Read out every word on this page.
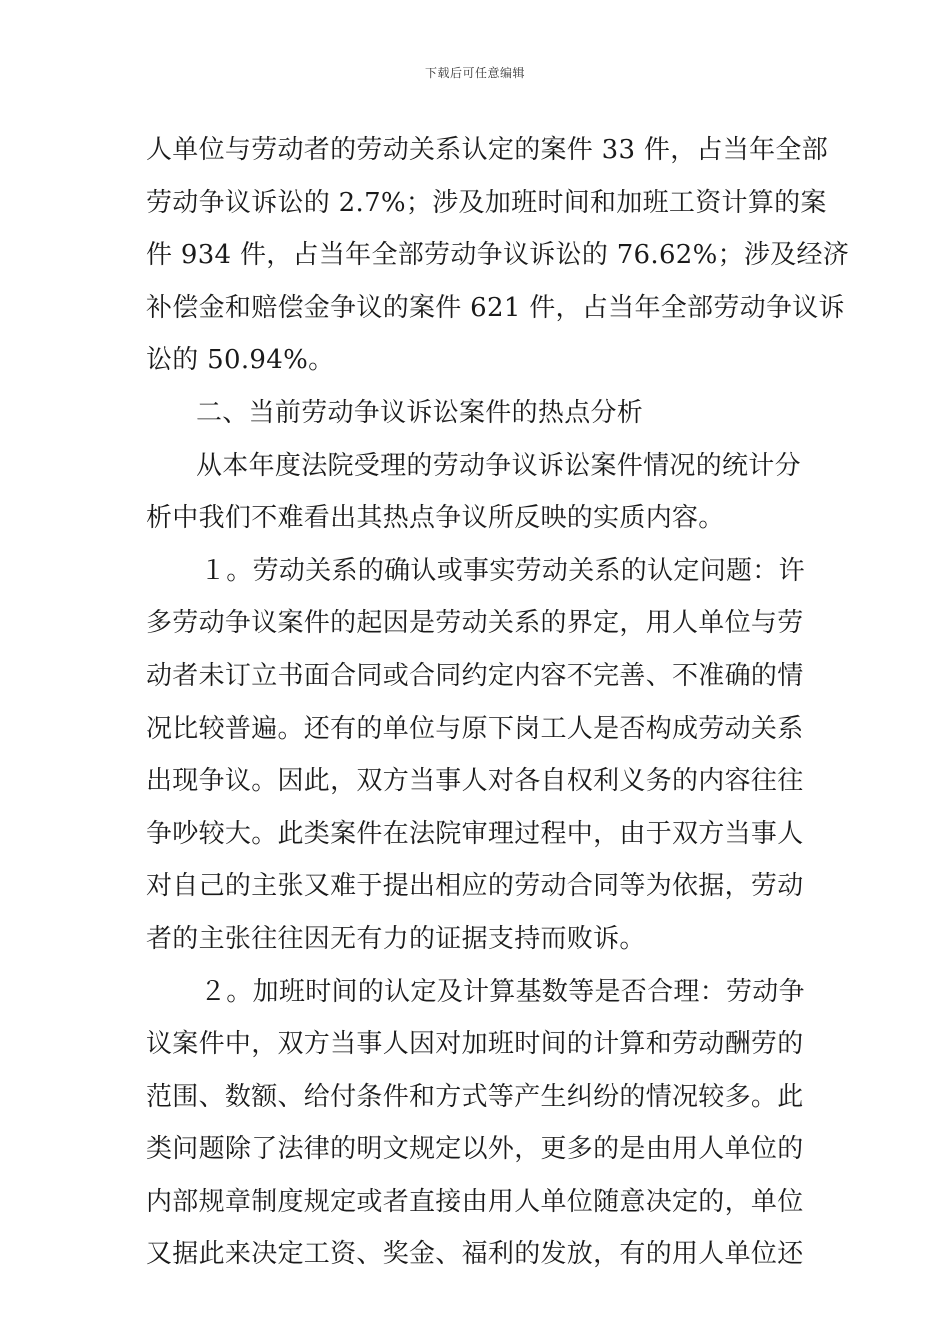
下载后可任意编辑
人单位与劳动者的劳动关系认定的案件 33 件，占当年全部
劳动争议诉讼的 2.7%；涉及加班时间和加班工资计算的案
件 934 件，占当年全部劳动争议诉讼的 76.62%；涉及经济
补偿金和赔偿金争议的案件 621 件，占当年全部劳动争议诉
讼的 50.94%。
二、当前劳动争议诉讼案件的热点分析
从本年度法院受理的劳动争议诉讼案件情况的统计分
析中我们不难看出其热点争议所反映的实质内容。
１。劳动关系的确认或事实劳动关系的认定问题：许
多劳动争议案件的起因是劳动关系的界定，用人单位与劳
动者未订立书面合同或合同约定内容不完善、不准确的情
况比较普遍。还有的单位与原下岗工人是否构成劳动关系
出现争议。因此，双方当事人对各自权利义务的内容往往
争吵较大。此类案件在法院审理过程中，由于双方当事人
对自己的主张又难于提出相应的劳动合同等为依据，劳动
者的主张往往因无有力的证据支持而败诉。
２。加班时间的认定及计算基数等是否合理：劳动争
议案件中，双方当事人因对加班时间的计算和劳动酬劳的
范围、数额、给付条件和方式等产生纠纷的情况较多。此
类问题除了法律的明文规定以外，更多的是由用人单位的
内部规章制度规定或者直接由用人单位随意决定的，单位
又据此来决定工资、奖金、福利的发放，有的用人单位还
